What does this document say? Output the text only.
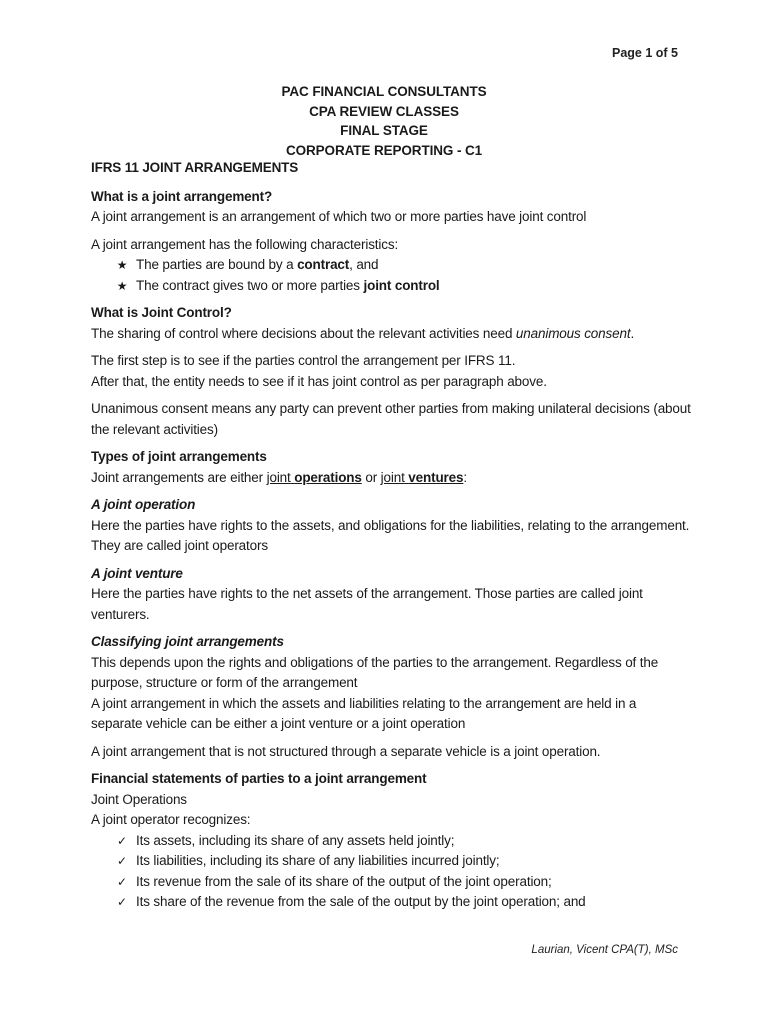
Page 1 of 5
PAC FINANCIAL CONSULTANTS
CPA REVIEW CLASSES
FINAL STAGE
CORPORATE REPORTING - C1

IFRS 11 JOINT ARRANGEMENTS

What is a joint arrangement?

A joint arrangement is an arrangement of which two or more parties have joint control

A joint arrangement has the following characteristics:

★ The parties are bound by a contract, and
★ The contract gives two or more parties joint control

What is Joint Control?

The sharing of control where decisions about the relevant activities need unanimous consent.

The first step is to see if the parties control the arrangement per IFRS 11.

After that, the entity needs to see if it has joint control as per paragraph above.

Unanimous consent means any party can prevent other parties from making unilateral decisions (about the relevant activities)

Types of joint arrangements

Joint arrangements are either joint operations or joint ventures:

A joint operation

Here the parties have rights to the assets, and obligations for the liabilities, relating to the arrangement.

They are called joint operators

A joint venture

Here the parties have rights to the net assets of the arrangement. Those parties are called joint venturers.

Classifying joint arrangements

This depends upon the rights and obligations of the parties to the arrangement. Regardless of the purpose, structure or form of the arrangement

A joint arrangement in which the assets and liabilities relating to the arrangement are held in a separate vehicle can be either a joint venture or a joint operation

A joint arrangement that is not structured through a separate vehicle is a joint operation.

Financial statements of parties to a joint arrangement

Joint Operations

A joint operator recognizes:

✓ Its assets, including its share of any assets held jointly;
✓ Its liabilities, including its share of any liabilities incurred jointly;
✓ Its revenue from the sale of its share of the output of the joint operation;
✓ Its share of the revenue from the sale of the output by the joint operation; and
Laurian, Vicent CPA(T), MSc
